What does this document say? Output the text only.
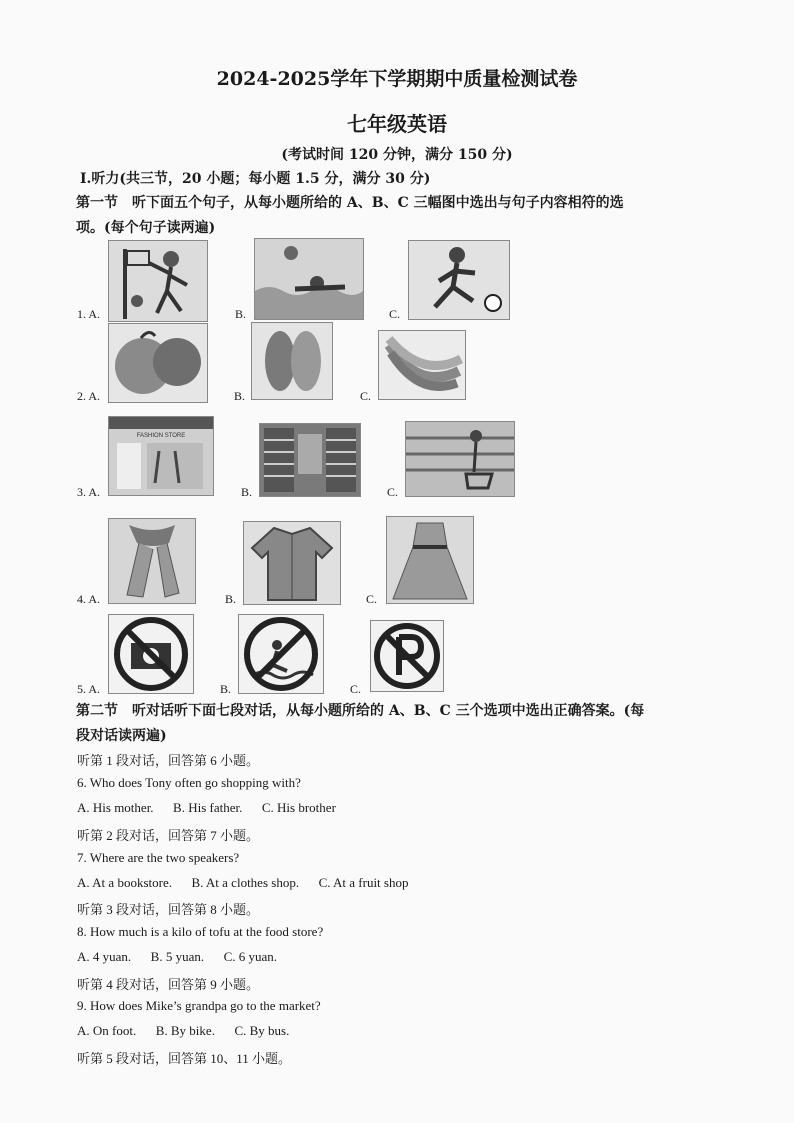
2024-2025学年下学期期中质量检测试卷
七年级英语
(考试时间 120 分钟，满分 150 分)
Ⅰ.听力(共三节，20 小题；每小题 1.5 分，满分 30 分)
第一节　听下面五个句子，从每小题所给的 A、B、C 三幅图中选出与句子内容相符的选
项。(每个句子读两遍)
1. A.	B.	C.
2. A.	B.	C.
FASHION STORE
3. A.	B.	C.
4. A.	B.	C.
5. A.	B.	C.
第二节　听对话听下面七段对话，从每小题所给的 A、B、C 三个选项中选出正确答案。(每
段对话读两遍)
听第 1 段对话，回答第 6 小题。
6. Who does Tony often go shopping with?
A. His mother.      B. His father.      C. His brother
听第 2 段对话，回答第 7 小题。
7. Where are the two speakers?
A. At a bookstore.      B. At a clothes shop.      C. At a fruit shop
听第 3 段对话，回答第 8 小题。
8. How much is a kilo of tofu at the food store?
A. 4 yuan.      B. 5 yuan.      C. 6 yuan.
听第 4 段对话，回答第 9 小题。
9. How does Mike’s grandpa go to the market?
A. On foot.      B. By bike.      C. By bus.
听第 5 段对话，回答第 10、11 小题。
